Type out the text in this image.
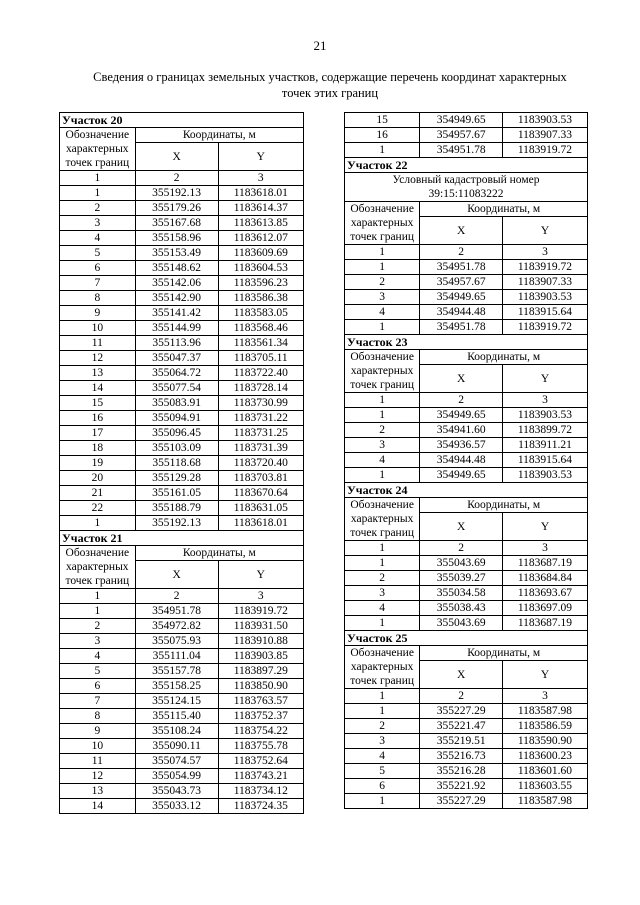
21
Сведения о границах земельных участков, содержащие перечень координат характерных
точек этих границ
Участок 20		
Обозначение
характерных
точек границ	Координаты, м	
	X	Y
1	2	3
1	355192.13	1183618.01
2	355179.26	1183614.37
3	355167.68	1183613.85
4	355158.96	1183612.07
5	355153.49	1183609.69
6	355148.62	1183604.53
7	355142.06	1183596.23
8	355142.90	1183586.38
9	355141.42	1183583.05
10	355144.99	1183568.46
11	355113.96	1183561.34
12	355047.37	1183705.11
13	355064.72	1183722.40
14	355077.54	1183728.14
15	355083.91	1183730.99
16	355094.91	1183731.22
17	355096.45	1183731.25
18	355103.09	1183731.39
19	355118.68	1183720.40
20	355129.28	1183703.81
21	355161.05	1183670.64
22	355188.79	1183631.05
1	355192.13	1183618.01
Участок 21		
Обозначение
характерных
точек границ	Координаты, м	
	X	Y
1	2	3
1	354951.78	1183919.72
2	354972.82	1183931.50
3	355075.93	1183910.88
4	355111.04	1183903.85
5	355157.78	1183897.29
6	355158.25	1183850.90
7	355124.15	1183763.57
8	355115.40	1183752.37
9	355108.24	1183754.22
10	355090.11	1183755.78
11	355074.57	1183752.64
12	355054.99	1183743.21
13	355043.73	1183734.12
14	355033.12	1183724.35
15	354949.65	1183903.53
16	354957.67	1183907.33
1	354951.78	1183919.72
Участок 22		
Условный кадастровый номер
39:15:11083222		
Обозначение
характерных
точек границ	Координаты, м	
	X	Y
1	2	3
1	354951.78	1183919.72
2	354957.67	1183907.33
3	354949.65	1183903.53
4	354944.48	1183915.64
1	354951.78	1183919.72
Участок 23		
Обозначение
характерных
точек границ	Координаты, м	
	X	Y
1	2	3
1	354949.65	1183903.53
2	354941.60	1183899.72
3	354936.57	1183911.21
4	354944.48	1183915.64
1	354949.65	1183903.53
Участок 24		
Обозначение
характерных
точек границ	Координаты, м	
	X	Y
1	2	3
1	355043.69	1183687.19
2	355039.27	1183684.84
3	355034.58	1183693.67
4	355038.43	1183697.09
1	355043.69	1183687.19
Участок 25		
Обозначение
характерных
точек границ	Координаты, м	
	X	Y
1	2	3
1	355227.29	1183587.98
2	355221.47	1183586.59
3	355219.51	1183590.90
4	355216.73	1183600.23
5	355216.28	1183601.60
6	355221.92	1183603.55
1	355227.29	1183587.98
